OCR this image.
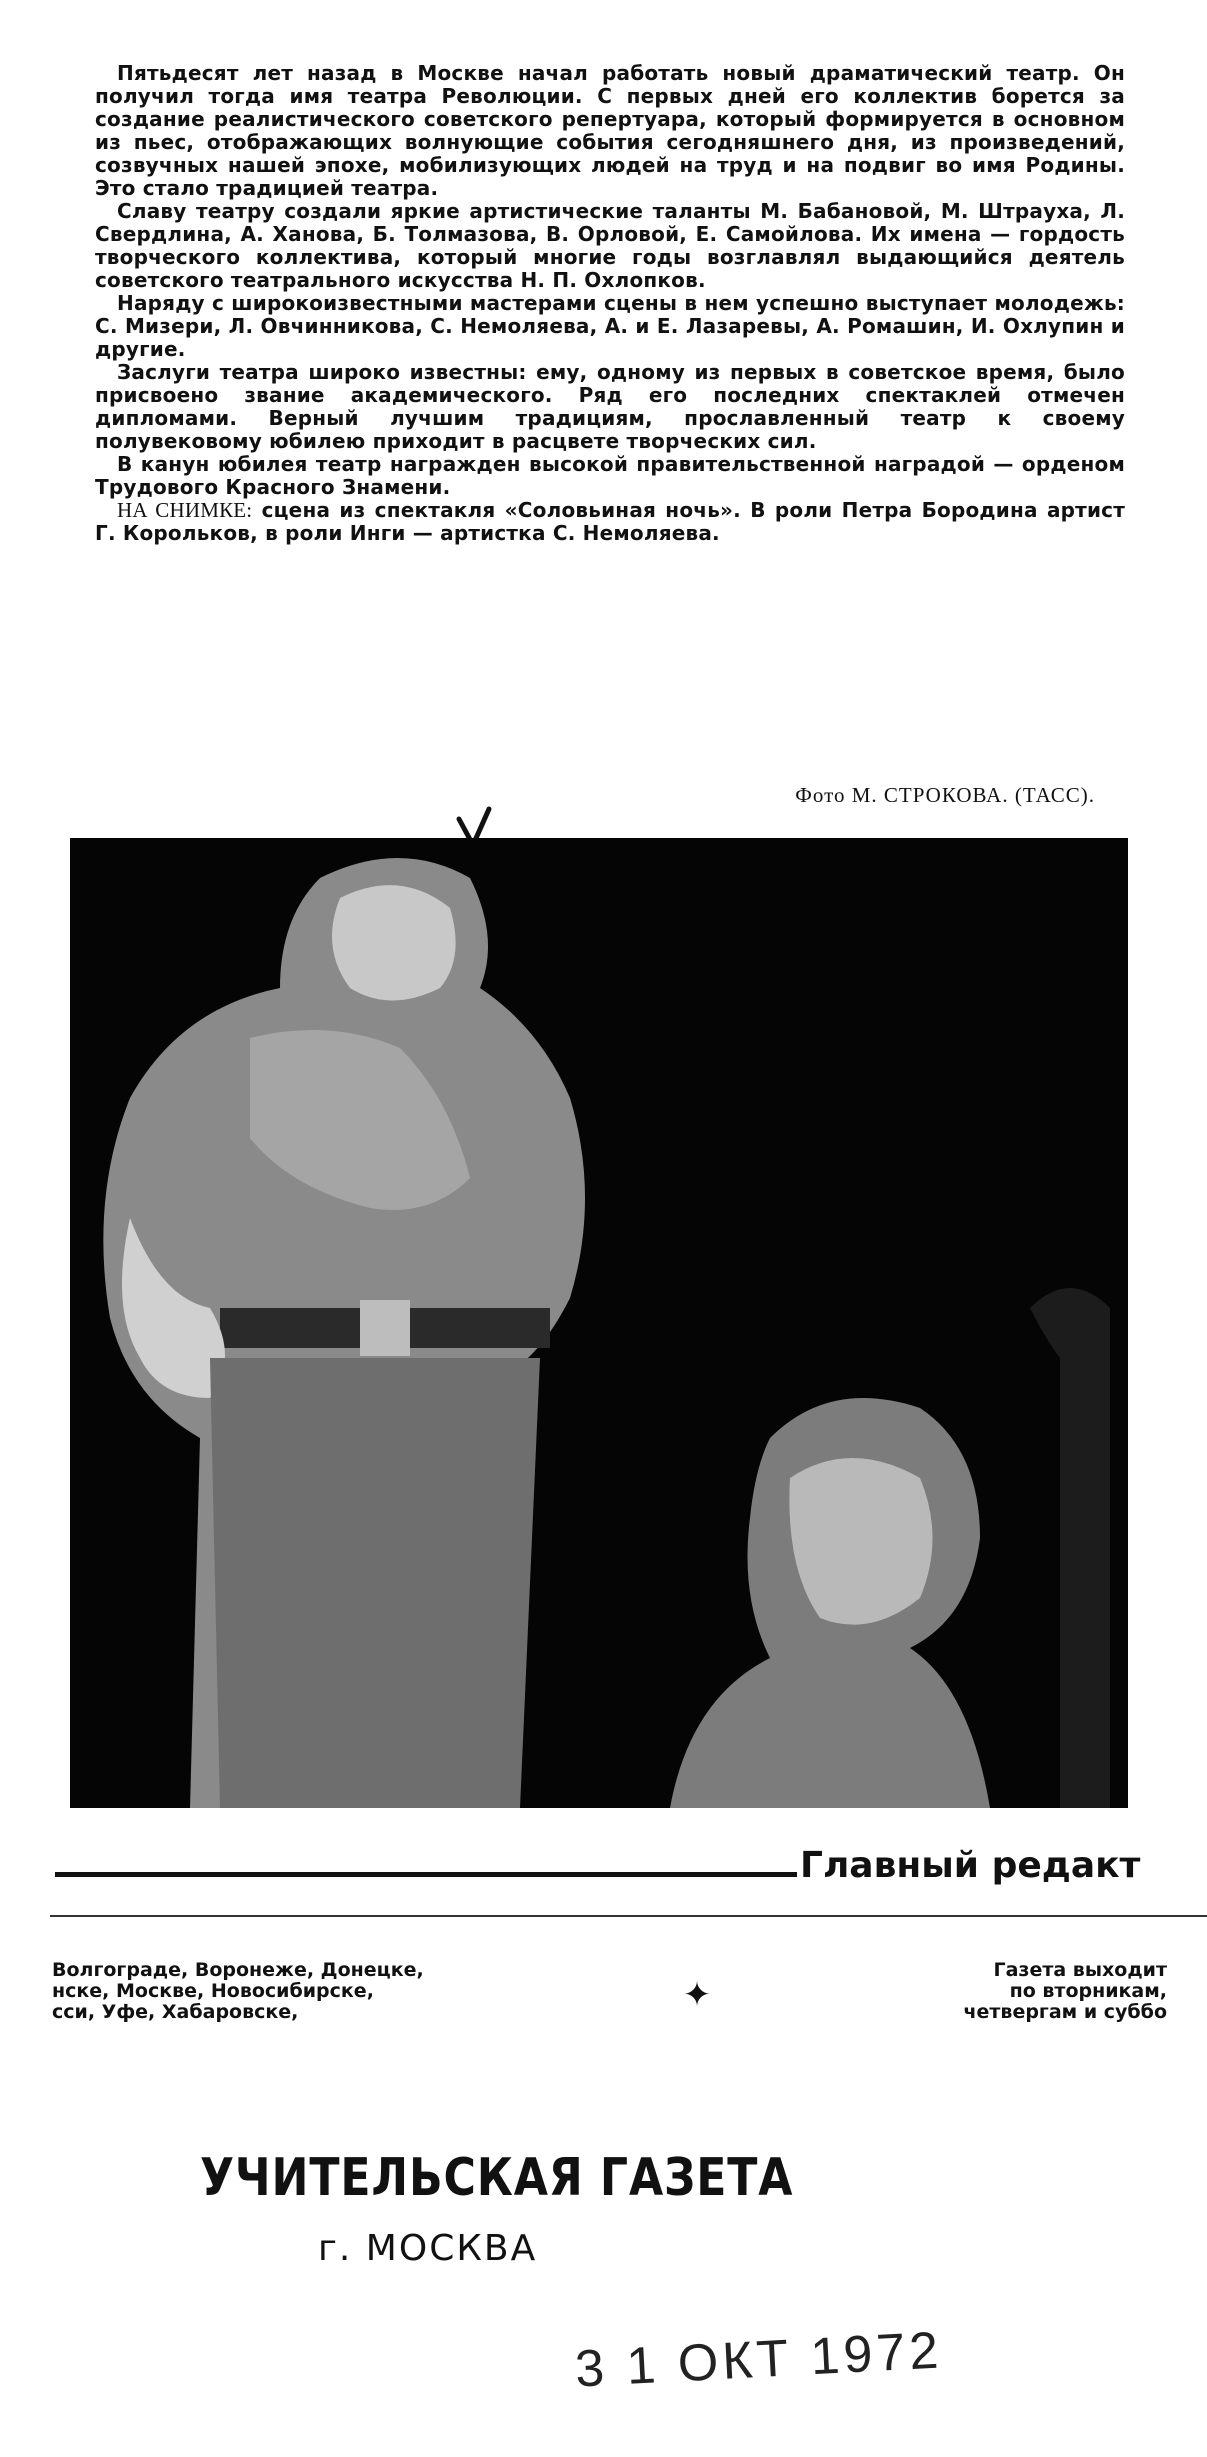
Пятьдесят лет назад в Москве начал работать новый драматический театр. Он получил тогда имя театра Революции. С первых дней его коллектив борется за создание реалистического советского репертуара, который формируется в основном из пьес, отображающих волнующие события сегодняшнего дня, из произведений, созвучных нашей эпохе, мобилизующих людей на труд и на подвиг во имя Родины. Это стало традицией театра.

Славу театру создали яркие артистические таланты М. Бабановой, М. Штрауха, Л. Свердлина, А. Ханова, Б. Толмазова, В. Орловой, Е. Самойлова. Их имена — гордость творческого коллектива, который многие годы возглавлял выдающийся деятель советского театрального искусства Н. П. Охлопков.

Наряду с широкоизвестными мастерами сцены в нем успешно выступает молодежь: С. Мизери, Л. Овчинникова, С. Немоляева, А. и Е. Лазаревы, А. Ромашин, И. Охлупин и другие.

Заслуги театра широко известны: ему, одному из первых в советское время, было присвоено звание академического. Ряд его последних спектаклей отмечен дипломами. Верный лучшим традициям, прославленный театр к своему полувековому юбилею приходит в расцвете творческих сил.

В канун юбилея театр награжден высокой правительственной наградой — орденом Трудового Красного Знамени.

НА СНИМКЕ: сцена из спектакля «Соловьиная ночь». В роли Петра Бородина артист Г. Корольков, в роли Инги — артистка С. Немоляева.

Фото М. СТРОКОВА. (ТАСС).
Главный редакт
Волгограде, Воронеже, Донецке,
нске, Москве, Новосибирске,
сси, Уфе, Хабаровске,	✦
Газета выходит
по вторникам,
четвергам и суббо
УЧИТЕЛЬСКАЯ ГАЗЕТА
г. МОСКВА
3 1 ОКТ 1972
